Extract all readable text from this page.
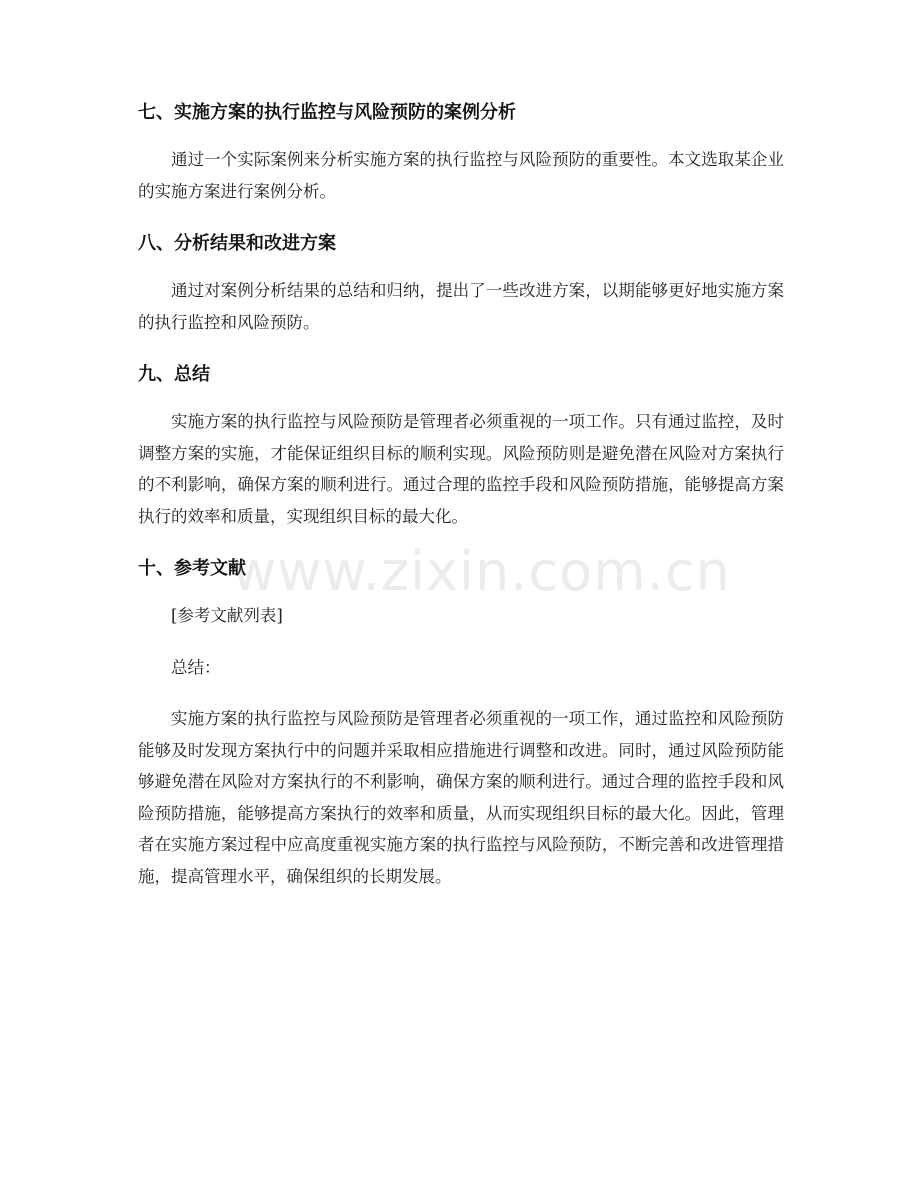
七、实施方案的执行监控与风险预防的案例分析

通过一个实际案例来分析实施方案的执行监控与风险预防的重要性。本文选取某企业的实施方案进行案例分析。

八、分析结果和改进方案

通过对案例分析结果的总结和归纳，提出了一些改进方案，以期能够更好地实施方案的执行监控和风险预防。

九、总结

实施方案的执行监控与风险预防是管理者必须重视的一项工作。只有通过监控，及时调整方案的实施，才能保证组织目标的顺利实现。风险预防则是避免潜在风险对方案执行的不利影响，确保方案的顺利进行。通过合理的监控手段和风险预防措施，能够提高方案执行的效率和质量，实现组织目标的最大化。

十、参考文献

[参考文献列表]

总结：

实施方案的执行监控与风险预防是管理者必须重视的一项工作，通过监控和风险预防能够及时发现方案执行中的问题并采取相应措施进行调整和改进。同时，通过风险预防能够避免潜在风险对方案执行的不利影响，确保方案的顺利进行。通过合理的监控手段和风险预防措施，能够提高方案执行的效率和质量，从而实现组织目标的最大化。因此，管理者在实施方案过程中应高度重视实施方案的执行监控与风险预防，不断完善和改进管理措施，提高管理水平，确保组织的长期发展。

www.zixin.com.cn
